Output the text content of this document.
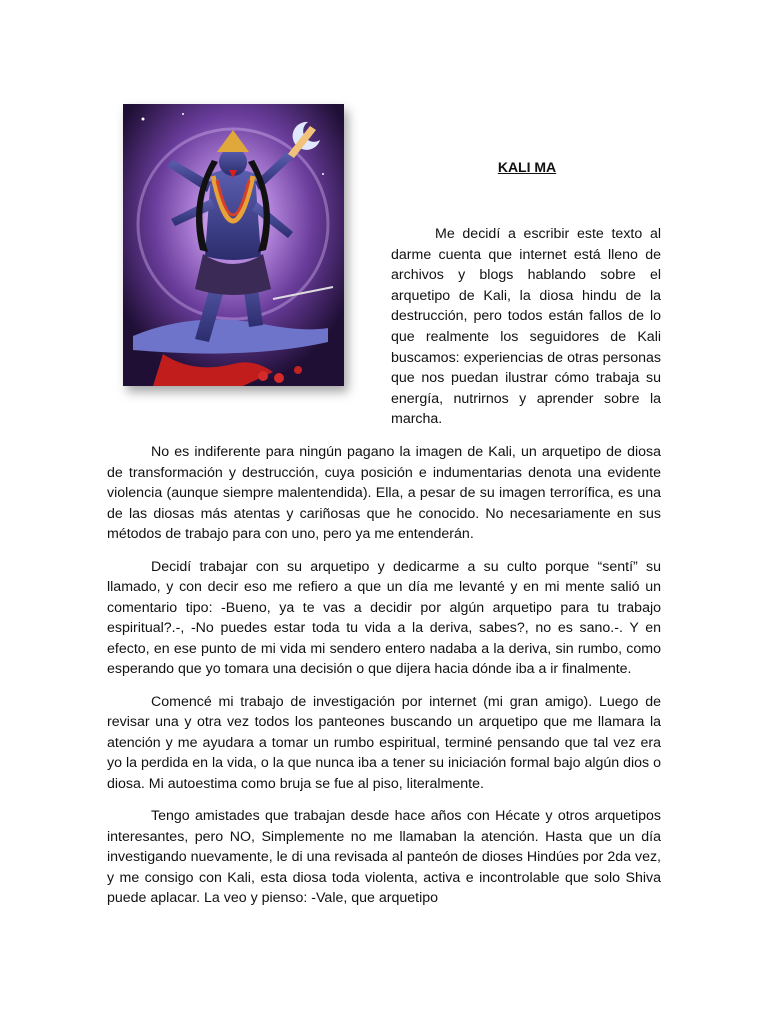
KALI MA

Me decidí a escribir este texto al darme cuenta que internet está lleno de archivos y blogs hablando sobre el arquetipo de Kali, la diosa hindu de la destrucción, pero todos están fallos de lo que realmente los seguidores de Kali buscamos: experiencias de otras personas que nos puedan ilustrar cómo trabaja su energía, nutrirnos y aprender sobre la marcha.

No es indiferente para ningún pagano la imagen de Kali, un arquetipo de diosa de transformación y destrucción, cuya posición e indumentarias denota una evidente violencia (aunque siempre malentendida). Ella, a pesar de su imagen terrorífica, es una de las diosas más atentas y cariñosas que he conocido. No necesariamente en sus métodos de trabajo para con uno, pero ya me entenderán.

Decidí trabajar con su arquetipo y dedicarme a su culto porque “sentí” su llamado, y con decir eso me refiero a que un día me levanté y en mi mente salió un comentario tipo: -Bueno, ya te vas a decidir por algún arquetipo para tu trabajo espiritual?.-, -No puedes estar toda tu vida a la deriva, sabes?, no es sano.-. Y en efecto, en ese punto de mi vida mi sendero entero nadaba a la deriva, sin rumbo, como esperando que yo tomara una decisión o que dijera hacia dónde iba a ir finalmente.

Comencé mi trabajo de investigación por internet (mi gran amigo). Luego de revisar una y otra vez todos los panteones buscando un arquetipo que me llamara la atención y me ayudara a tomar un rumbo espiritual, terminé pensando que tal vez era yo la perdida en la vida, o la que nunca iba a tener su iniciación formal bajo algún dios o diosa. Mi autoestima como bruja se fue al piso, literalmente.

Tengo amistades que trabajan desde hace años con Hécate y otros arquetipos interesantes, pero NO, Simplemente no me llamaban la atención. Hasta que un día investigando nuevamente, le di una revisada al panteón de dioses Hindúes por 2da vez, y me consigo con Kali, esta diosa toda violenta, activa e incontrolable que solo Shiva puede aplacar. La veo y pienso: -Vale, que arquetipo
